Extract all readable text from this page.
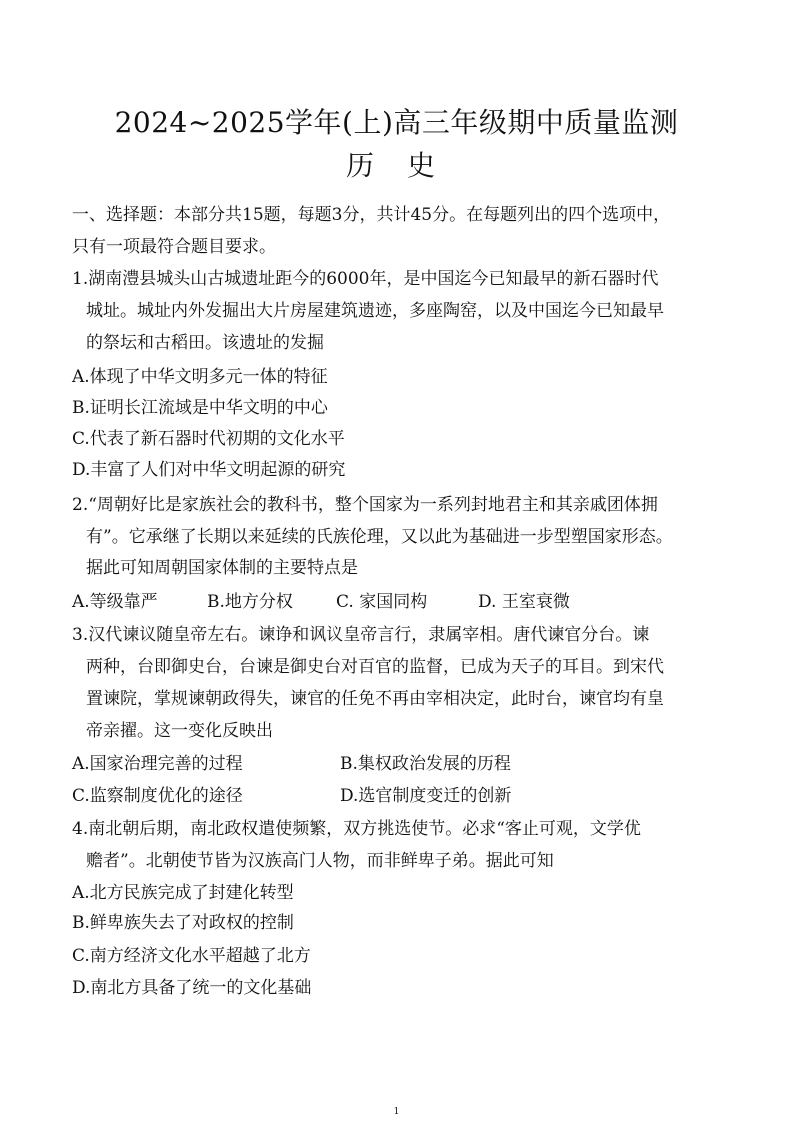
2024~2025学年(上)高三年级期中质量监测
历 史
一、选择题：本部分共15题，每题3分，共计45分。在每题列出的四个选项中，
只有一项最符合题目要求。
1.湖南澧县城头山古城遗址距今的6000年，是中国迄今已知最早的新石器时代
城址。城址内外发掘出大片房屋建筑遗迹，多座陶窑，以及中国迄今已知最早
的祭坛和古稻田。该遗址的发掘
A.体现了中华文明多元一体的特征
B.证明长江流域是中华文明的中心
C.代表了新石器时代初期的文化水平
D.丰富了人们对中华文明起源的研究
2.“周朝好比是家族社会的教科书，整个国家为一系列封地君主和其亲戚团体拥
有”。它承继了长期以来延续的氏族伦理，又以此为基础进一步型塑国家形态。
据此可知周朝国家体制的主要特点是
A.等级靠严	B.地方分权	C. 家国同构	D. 王室衰微
3.汉代谏议随皇帝左右。谏诤和讽议皇帝言行，隶属宰相。唐代谏官分台。谏
两种，台即御史台，台谏是御史台对百官的监督，已成为天子的耳目。到宋代
置谏院，掌规谏朝政得失，谏官的任免不再由宰相决定，此时台，谏官均有皇
帝亲擢。这一变化反映出
A.国家治理完善的过程	B.集权政治发展的历程
C.监察制度优化的途径	D.选官制度变迁的创新
4.南北朝后期，南北政权遣使频繁，双方挑选使节。必求“客止可观，文学优
赡者”。北朝使节皆为汉族高门人物，而非鲜卑子弟。据此可知
A.北方民族完成了封建化转型
B.鲜卑族失去了对政权的控制
C.南方经济文化水平超越了北方
D.南北方具备了统一的文化基础
1
